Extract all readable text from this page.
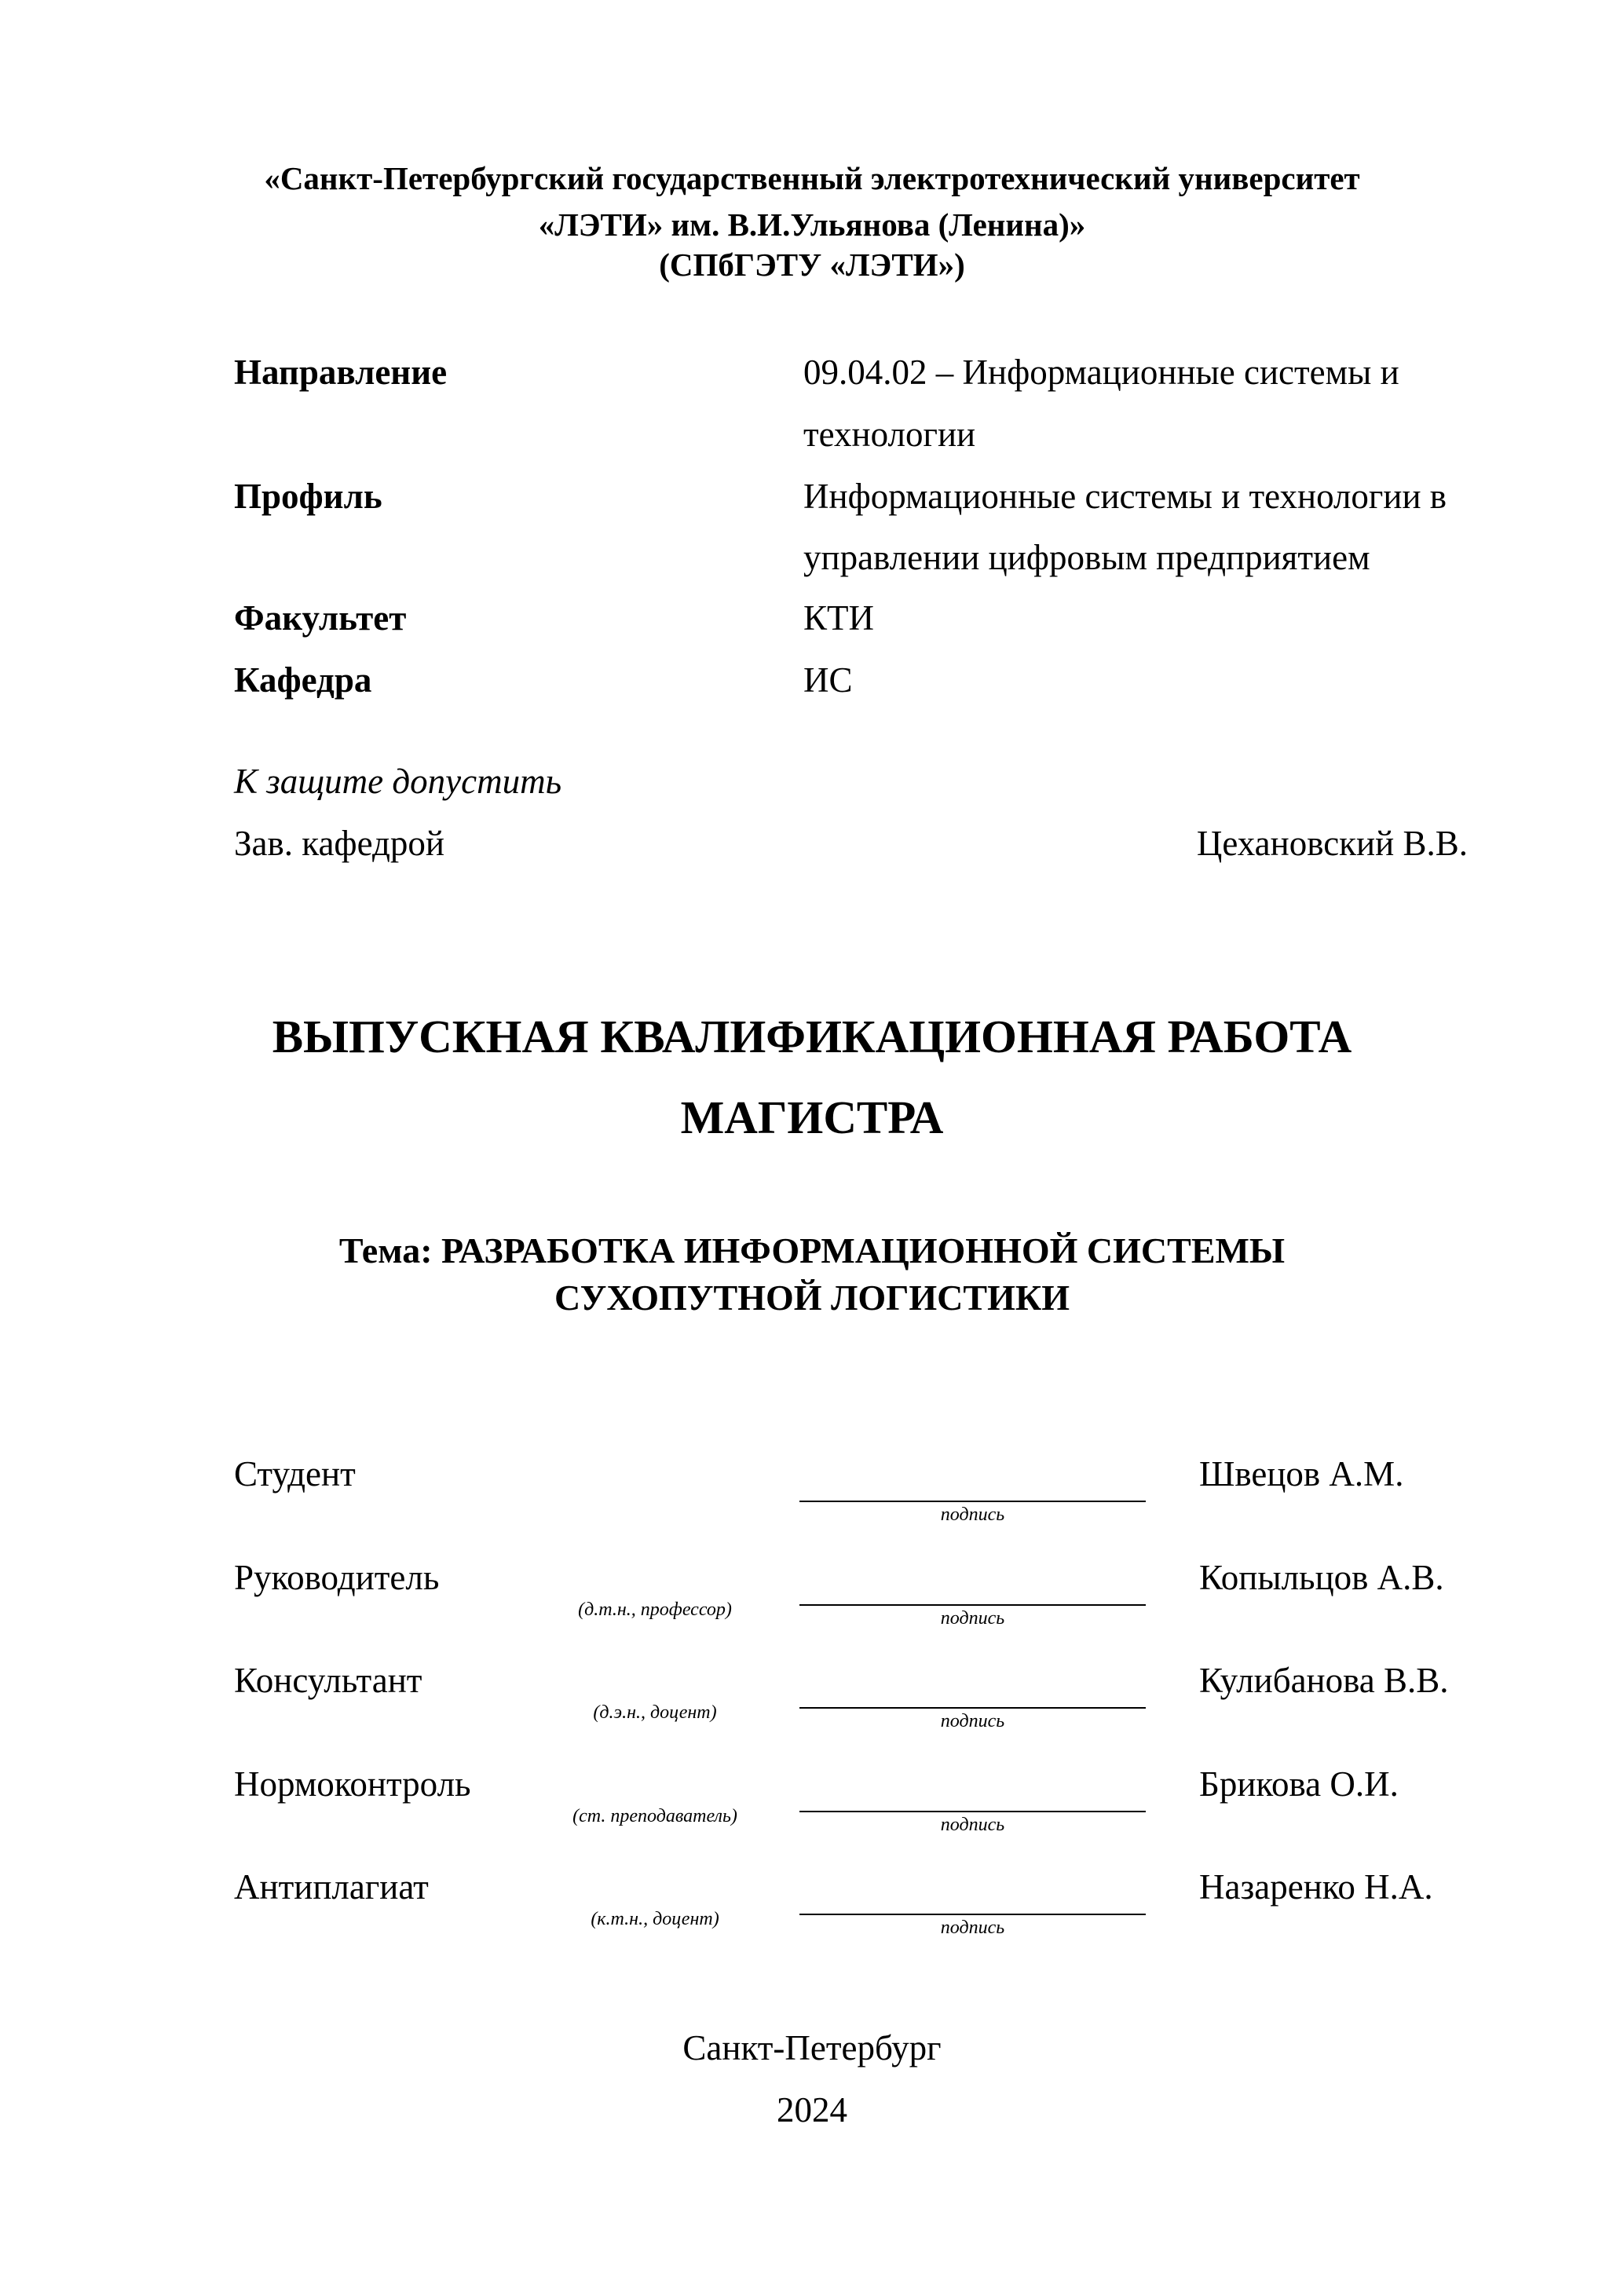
«Санкт-Петербургский государственный электротехнический университет
«ЛЭТИ» им. В.И.Ульянова (Ленина)»
(СПбГЭТУ «ЛЭТИ»)
Направление	09.04.02 – Информационные системы и
технологии
Профиль	Информационные системы и технологии в
управлении цифровым предприятием
Факультет	КТИ
Кафедра	ИС
К защите допустить
Зав. кафедрой	Цехановский В.В.
ВЫПУСКНАЯ КВАЛИФИКАЦИОННАЯ РАБОТА
МАГИСТРА
Тема: РАЗРАБОТКА ИНФОРМАЦИОННОЙ СИСТЕМЫ
СУХОПУТНОЙ ЛОГИСТИКИ
Студент	Швецов А.М.
подпись
Руководитель	Копыльцов А.В.
(д.т.н., профессор)	подпись
Консультант	Кулибанова В.В.
(д.э.н., доцент)	подпись
Нормоконтроль	Брикова О.И.
(ст. преподаватель)	подпись
Антиплагиат	Назаренко Н.А.
(к.т.н., доцент)	подпись
Санкт-Петербург
2024
